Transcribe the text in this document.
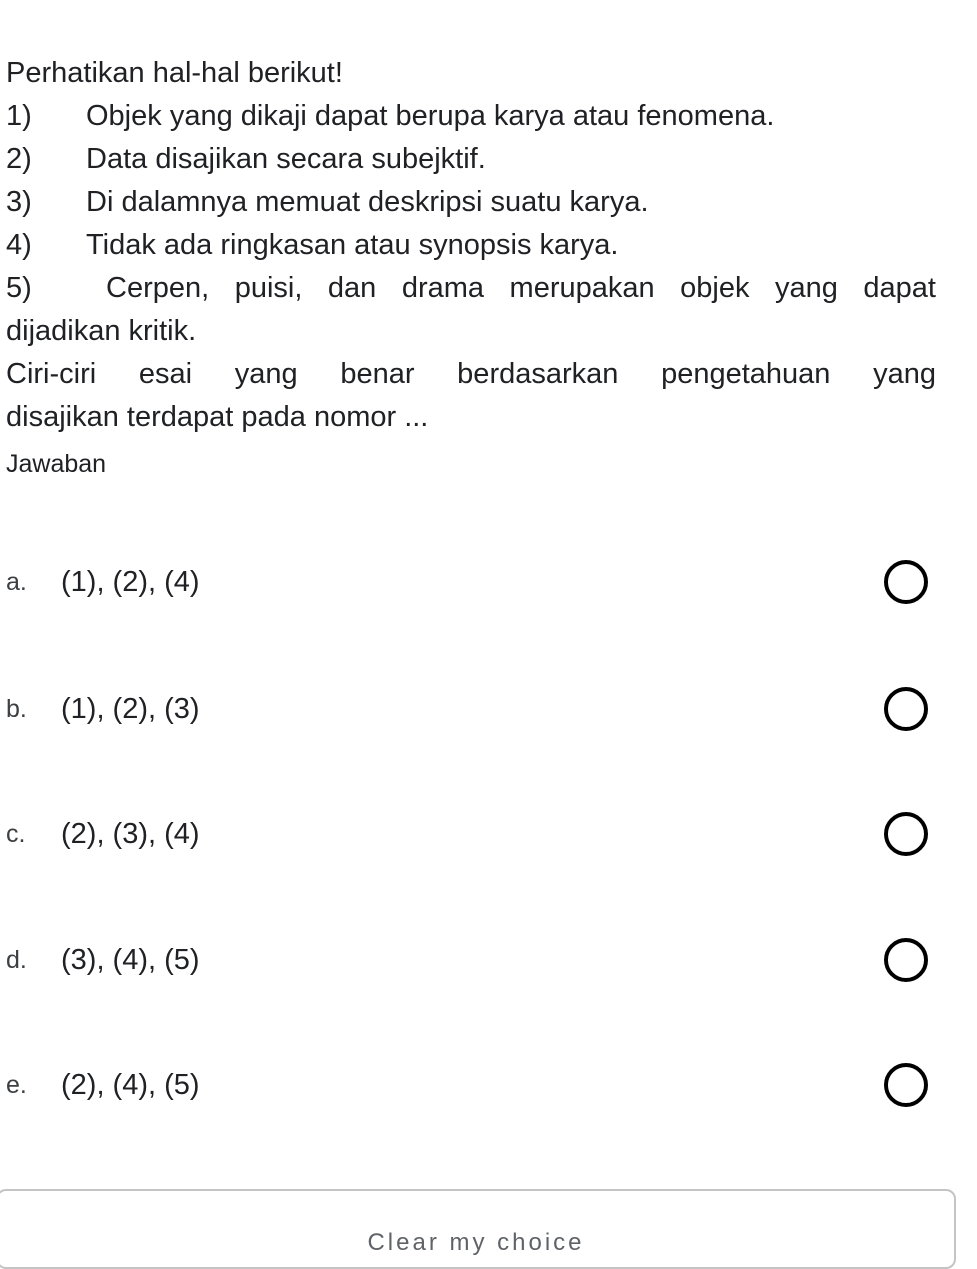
Perhatikan hal-hal berikut!
1)	Objek yang dikaji dapat berupa karya atau fenomena.
2)	Data disajikan secara subejktif.
3)	Di dalamnya memuat deskripsi suatu karya.
4)	Tidak ada ringkasan atau synopsis karya.
5)	Cerpen, puisi, dan drama merupakan objek yang dapat
dijadikan kritik.
Ciri-ciri esai yang benar berdasarkan pengetahuan yang
disajikan terdapat pada nomor ...
Jawaban
a. (1), (2), (4)
b. (1), (2), (3)
c. (2), (3), (4)
d. (3), (4), (5)
e. (2), (4), (5)
Clear my choice
